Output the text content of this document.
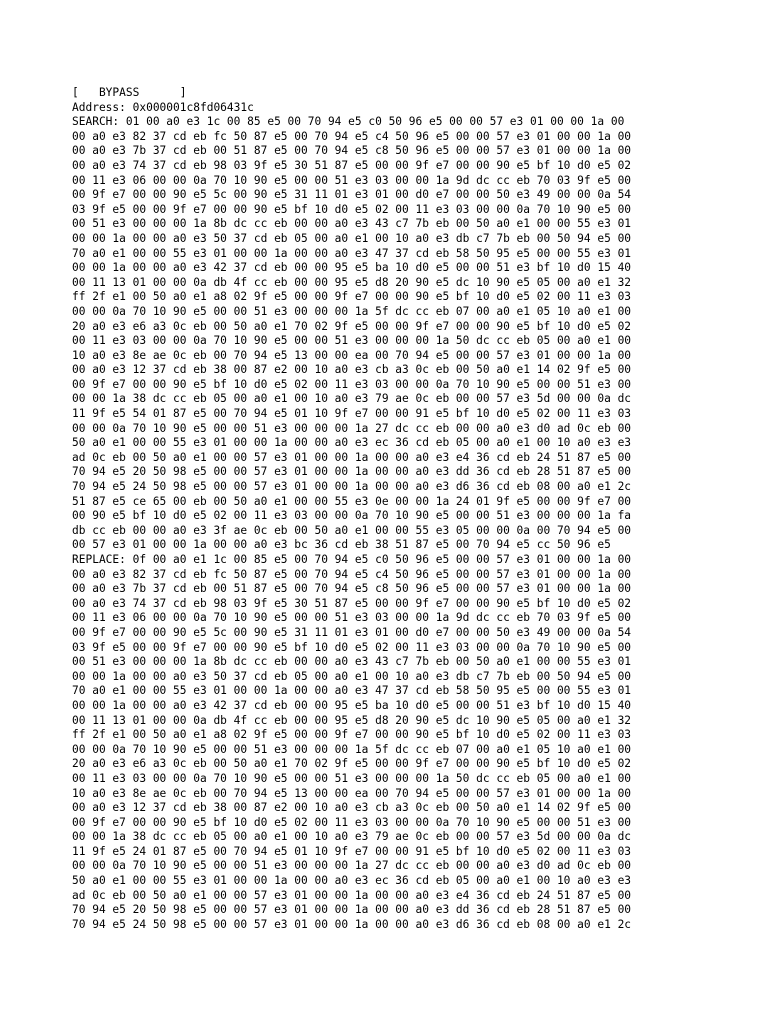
[   BYPASS      ]
Address: 0x000001c8fd06431c
SEARCH: 01 00 a0 e3 1c 00 85 e5 00 70 94 e5 c0 50 96 e5 00 00 57 e3 01 00 00 1a 00
00 a0 e3 82 37 cd eb fc 50 87 e5 00 70 94 e5 c4 50 96 e5 00 00 57 e3 01 00 00 1a 00
00 a0 e3 7b 37 cd eb 00 51 87 e5 00 70 94 e5 c8 50 96 e5 00 00 57 e3 01 00 00 1a 00
00 a0 e3 74 37 cd eb 98 03 9f e5 30 51 87 e5 00 00 9f e7 00 00 90 e5 bf 10 d0 e5 02
00 11 e3 06 00 00 0a 70 10 90 e5 00 00 51 e3 03 00 00 1a 9d dc cc eb 70 03 9f e5 00
00 9f e7 00 00 90 e5 5c 00 90 e5 31 11 01 e3 01 00 d0 e7 00 00 50 e3 49 00 00 0a 54
03 9f e5 00 00 9f e7 00 00 90 e5 bf 10 d0 e5 02 00 11 e3 03 00 00 0a 70 10 90 e5 00
00 51 e3 00 00 00 1a 8b dc cc eb 00 00 a0 e3 43 c7 7b eb 00 50 a0 e1 00 00 55 e3 01
00 00 1a 00 00 a0 e3 50 37 cd eb 05 00 a0 e1 00 10 a0 e3 db c7 7b eb 00 50 94 e5 00
70 a0 e1 00 00 55 e3 01 00 00 1a 00 00 a0 e3 47 37 cd eb 58 50 95 e5 00 00 55 e3 01
00 00 1a 00 00 a0 e3 42 37 cd eb 00 00 95 e5 ba 10 d0 e5 00 00 51 e3 bf 10 d0 15 40
00 11 13 01 00 00 0a db 4f cc eb 00 00 95 e5 d8 20 90 e5 dc 10 90 e5 05 00 a0 e1 32
ff 2f e1 00 50 a0 e1 a8 02 9f e5 00 00 9f e7 00 00 90 e5 bf 10 d0 e5 02 00 11 e3 03
00 00 0a 70 10 90 e5 00 00 51 e3 00 00 00 1a 5f dc cc eb 07 00 a0 e1 05 10 a0 e1 00
20 a0 e3 e6 a3 0c eb 00 50 a0 e1 70 02 9f e5 00 00 9f e7 00 00 90 e5 bf 10 d0 e5 02
00 11 e3 03 00 00 0a 70 10 90 e5 00 00 51 e3 00 00 00 1a 50 dc cc eb 05 00 a0 e1 00
10 a0 e3 8e ae 0c eb 00 70 94 e5 13 00 00 ea 00 70 94 e5 00 00 57 e3 01 00 00 1a 00
00 a0 e3 12 37 cd eb 38 00 87 e2 00 10 a0 e3 cb a3 0c eb 00 50 a0 e1 14 02 9f e5 00
00 9f e7 00 00 90 e5 bf 10 d0 e5 02 00 11 e3 03 00 00 0a 70 10 90 e5 00 00 51 e3 00
00 00 1a 38 dc cc eb 05 00 a0 e1 00 10 a0 e3 79 ae 0c eb 00 00 57 e3 5d 00 00 0a dc
11 9f e5 54 01 87 e5 00 70 94 e5 01 10 9f e7 00 00 91 e5 bf 10 d0 e5 02 00 11 e3 03
00 00 0a 70 10 90 e5 00 00 51 e3 00 00 00 1a 27 dc cc eb 00 00 a0 e3 d0 ad 0c eb 00
50 a0 e1 00 00 55 e3 01 00 00 1a 00 00 a0 e3 ec 36 cd eb 05 00 a0 e1 00 10 a0 e3 e3
ad 0c eb 00 50 a0 e1 00 00 57 e3 01 00 00 1a 00 00 a0 e3 e4 36 cd eb 24 51 87 e5 00
70 94 e5 20 50 98 e5 00 00 57 e3 01 00 00 1a 00 00 a0 e3 dd 36 cd eb 28 51 87 e5 00
70 94 e5 24 50 98 e5 00 00 57 e3 01 00 00 1a 00 00 a0 e3 d6 36 cd eb 08 00 a0 e1 2c
51 87 e5 ce 65 00 eb 00 50 a0 e1 00 00 55 e3 0e 00 00 1a 24 01 9f e5 00 00 9f e7 00
00 90 e5 bf 10 d0 e5 02 00 11 e3 03 00 00 0a 70 10 90 e5 00 00 51 e3 00 00 00 1a fa
db cc eb 00 00 a0 e3 3f ae 0c eb 00 50 a0 e1 00 00 55 e3 05 00 00 0a 00 70 94 e5 00
00 57 e3 01 00 00 1a 00 00 a0 e3 bc 36 cd eb 38 51 87 e5 00 70 94 e5 cc 50 96 e5
REPLACE: 0f 00 a0 e1 1c 00 85 e5 00 70 94 e5 c0 50 96 e5 00 00 57 e3 01 00 00 1a 00
00 a0 e3 82 37 cd eb fc 50 87 e5 00 70 94 e5 c4 50 96 e5 00 00 57 e3 01 00 00 1a 00
00 a0 e3 7b 37 cd eb 00 51 87 e5 00 70 94 e5 c8 50 96 e5 00 00 57 e3 01 00 00 1a 00
00 a0 e3 74 37 cd eb 98 03 9f e5 30 51 87 e5 00 00 9f e7 00 00 90 e5 bf 10 d0 e5 02
00 11 e3 06 00 00 0a 70 10 90 e5 00 00 51 e3 03 00 00 1a 9d dc cc eb 70 03 9f e5 00
00 9f e7 00 00 90 e5 5c 00 90 e5 31 11 01 e3 01 00 d0 e7 00 00 50 e3 49 00 00 0a 54
03 9f e5 00 00 9f e7 00 00 90 e5 bf 10 d0 e5 02 00 11 e3 03 00 00 0a 70 10 90 e5 00
00 51 e3 00 00 00 1a 8b dc cc eb 00 00 a0 e3 43 c7 7b eb 00 50 a0 e1 00 00 55 e3 01
00 00 1a 00 00 a0 e3 50 37 cd eb 05 00 a0 e1 00 10 a0 e3 db c7 7b eb 00 50 94 e5 00
70 a0 e1 00 00 55 e3 01 00 00 1a 00 00 a0 e3 47 37 cd eb 58 50 95 e5 00 00 55 e3 01
00 00 1a 00 00 a0 e3 42 37 cd eb 00 00 95 e5 ba 10 d0 e5 00 00 51 e3 bf 10 d0 15 40
00 11 13 01 00 00 0a db 4f cc eb 00 00 95 e5 d8 20 90 e5 dc 10 90 e5 05 00 a0 e1 32
ff 2f e1 00 50 a0 e1 a8 02 9f e5 00 00 9f e7 00 00 90 e5 bf 10 d0 e5 02 00 11 e3 03
00 00 0a 70 10 90 e5 00 00 51 e3 00 00 00 1a 5f dc cc eb 07 00 a0 e1 05 10 a0 e1 00
20 a0 e3 e6 a3 0c eb 00 50 a0 e1 70 02 9f e5 00 00 9f e7 00 00 90 e5 bf 10 d0 e5 02
00 11 e3 03 00 00 0a 70 10 90 e5 00 00 51 e3 00 00 00 1a 50 dc cc eb 05 00 a0 e1 00
10 a0 e3 8e ae 0c eb 00 70 94 e5 13 00 00 ea 00 70 94 e5 00 00 57 e3 01 00 00 1a 00
00 a0 e3 12 37 cd eb 38 00 87 e2 00 10 a0 e3 cb a3 0c eb 00 50 a0 e1 14 02 9f e5 00
00 9f e7 00 00 90 e5 bf 10 d0 e5 02 00 11 e3 03 00 00 0a 70 10 90 e5 00 00 51 e3 00
00 00 1a 38 dc cc eb 05 00 a0 e1 00 10 a0 e3 79 ae 0c eb 00 00 57 e3 5d 00 00 0a dc
11 9f e5 24 01 87 e5 00 70 94 e5 01 10 9f e7 00 00 91 e5 bf 10 d0 e5 02 00 11 e3 03
00 00 0a 70 10 90 e5 00 00 51 e3 00 00 00 1a 27 dc cc eb 00 00 a0 e3 d0 ad 0c eb 00
50 a0 e1 00 00 55 e3 01 00 00 1a 00 00 a0 e3 ec 36 cd eb 05 00 a0 e1 00 10 a0 e3 e3
ad 0c eb 00 50 a0 e1 00 00 57 e3 01 00 00 1a 00 00 a0 e3 e4 36 cd eb 24 51 87 e5 00
70 94 e5 20 50 98 e5 00 00 57 e3 01 00 00 1a 00 00 a0 e3 dd 36 cd eb 28 51 87 e5 00
70 94 e5 24 50 98 e5 00 00 57 e3 01 00 00 1a 00 00 a0 e3 d6 36 cd eb 08 00 a0 e1 2c
